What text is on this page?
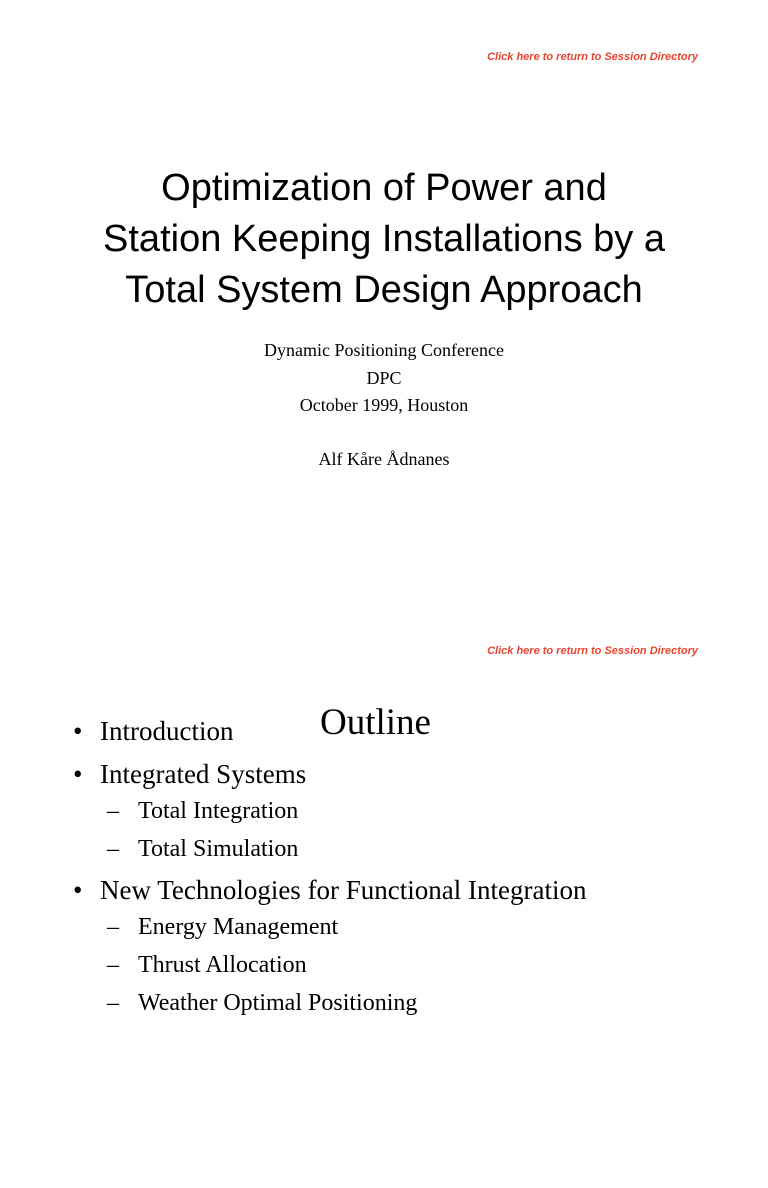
Click here to return to Session Directory
Optimization of Power and
Station Keeping Installations by a
Total System Design Approach
Dynamic Positioning Conference
DPC
October 1999, Houston
Alf Kåre Ådnanes
Click here to return to Session Directory
Outline
• Introduction
• Integrated Systems
– Total Integration
– Total Simulation
• New Technologies for Functional Integration
– Energy Management
– Thrust Allocation
– Weather Optimal Positioning
